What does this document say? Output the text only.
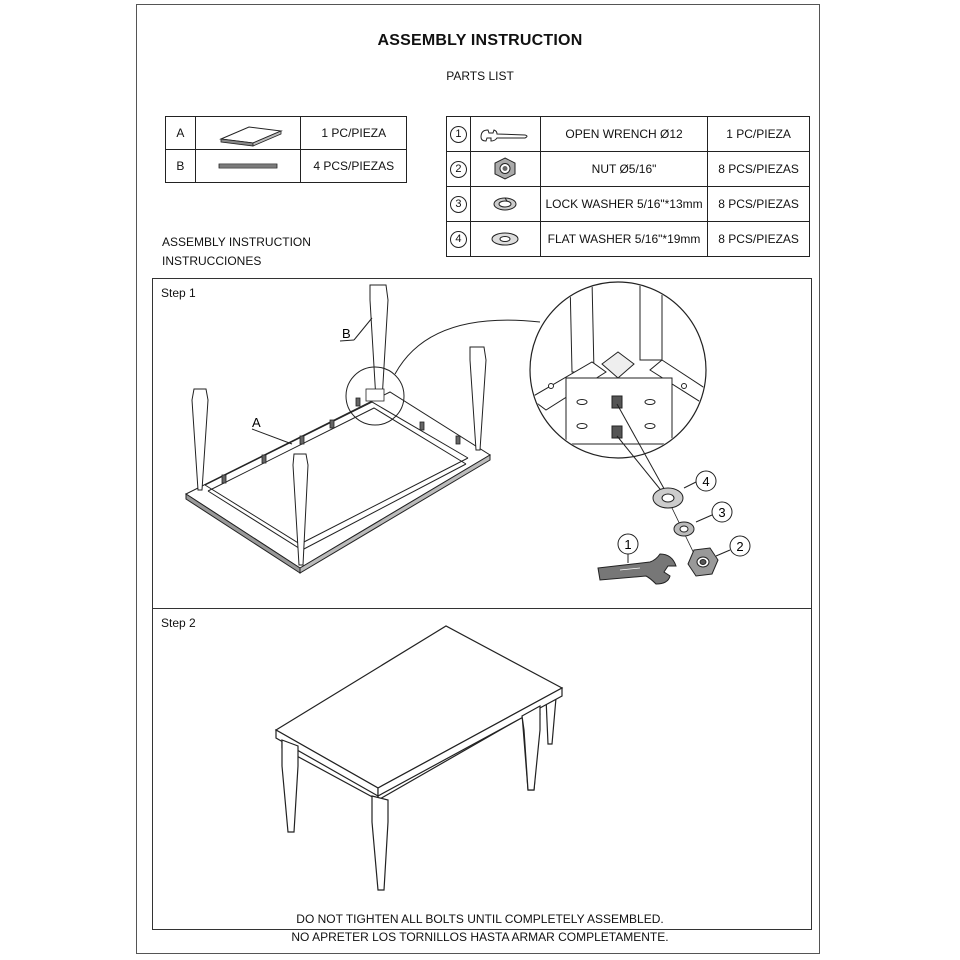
ASSEMBLY INSTRUCTION
PARTS LIST
A		1 PC/PIEZA
B		4 PCS/PIEZAS
1		OPEN WRENCH Ø12	1 PC/PIEZA
2		NUT Ø5/16"	8 PCS/PIEZAS
3		LOCK WASHER 5/16"*13mm	8 PCS/PIEZAS
4		FLAT WASHER 5/16"*19mm	8 PCS/PIEZAS
ASSEMBLY INSTRUCTION
INSTRUCCIONES
Step 1
B
A
4
3
2
1
Step 2
DO NOT TIGHTEN ALL BOLTS UNTIL COMPLETELY ASSEMBLED.
NO APRETER LOS TORNILLOS HASTA ARMAR COMPLETAMENTE.
